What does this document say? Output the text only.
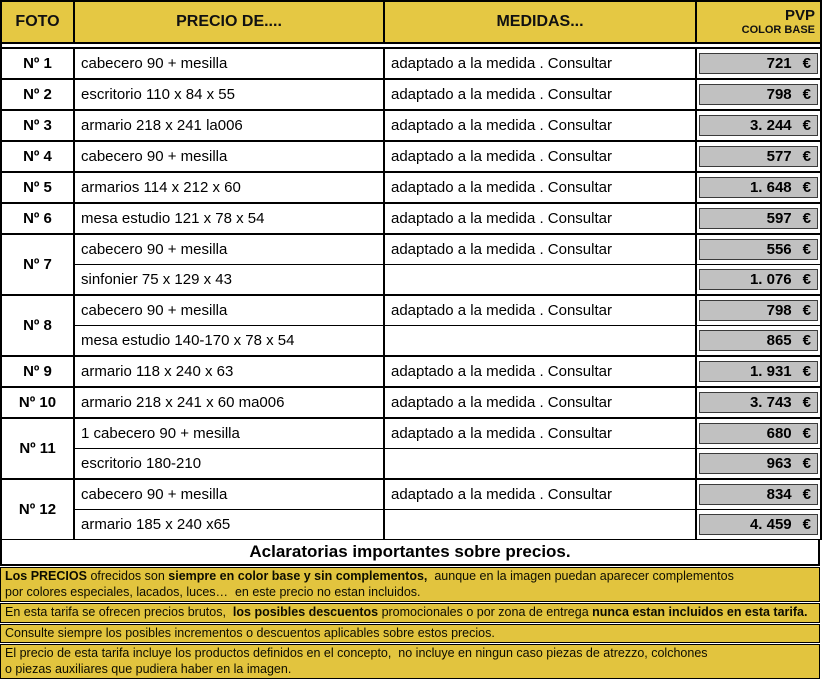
FOTO	PRECIO DE....	MEDIDAS...	PVP
COLOR BASE

Nº 1	cabecero 90 + mesilla	adaptado a la medida . Consultar	721 €

Nº 2	escritorio 110 x 84 x 55	adaptado a la medida . Consultar	798 €

Nº 3	armario 218 x 241 la006	adaptado a la medida . Consultar	3. 244 €

Nº 4	cabecero 90 + mesilla	adaptado a la medida . Consultar	577 €

Nº 5	armarios 114 x 212 x 60	adaptado a la medida . Consultar	1. 648 €

Nº 6	mesa estudio 121 x 78 x 54	adaptado a la medida . Consultar	597 €

Nº 7	cabecero 90 + mesilla	adaptado a la medida . Consultar	556 €

	sinfonier 75 x 129 x 43		1. 076 €

Nº 8	cabecero 90 + mesilla	adaptado a la medida . Consultar	798 €

	mesa estudio 140-170 x 78 x 54		865 €

Nº 9	armario 118 x 240 x 63	adaptado a la medida . Consultar	1. 931 €

Nº 10	armario 218 x 241 x 60 ma006	adaptado a la medida . Consultar	3. 743 €

Nº 11	1 cabecero 90 + mesilla	adaptado a la medida . Consultar	680 €

	escritorio 180-210		963 €

Nº 12	cabecero 90 + mesilla	adaptado a la medida . Consultar	834 €

	armario 185 x 240 x65		4. 459 €
Aclaratorias importantes sobre precios.
Los PRECIOS ofrecidos son siempre en color base y sin complementos,  aunque en la imagen puedan aparecer complementos
por colores especiales, lacados, luces…  en este precio no estan incluidos.
En esta tarifa se ofrecen precios brutos,  los posibles descuentos promocionales o por zona de entrega nunca estan incluidos en esta tarifa.
Consulte siempre los posibles incrementos o descuentos aplicables sobre estos precios.
El precio de esta tarifa incluye los productos definidos en el concepto,  no incluye en ningun caso piezas de atrezzo, colchones
o piezas auxiliares que pudiera haber en la imagen.
